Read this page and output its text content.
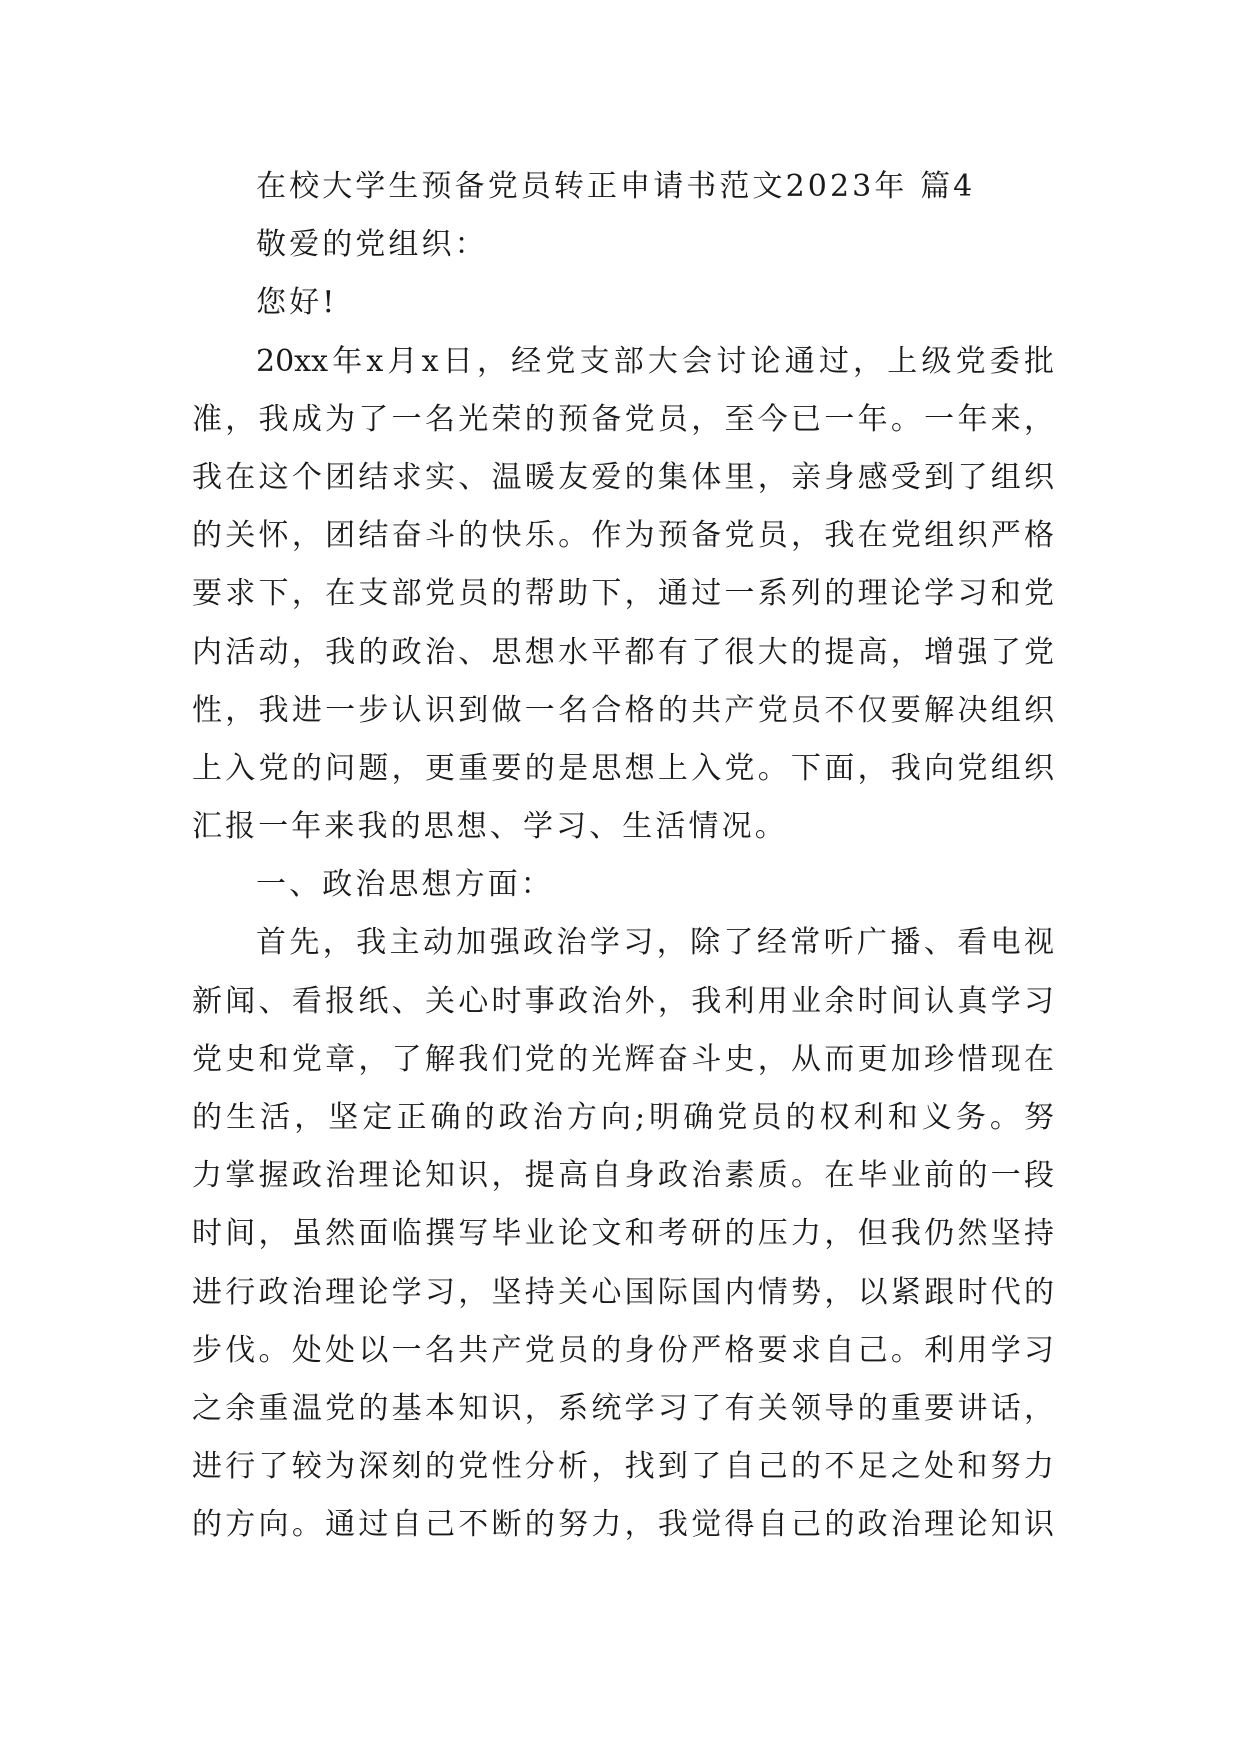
在校大学生预备党员转正申请书范文2023年 篇4
敬爱的党组织：
您好!
20xx年x月x日，经党支部大会讨论通过，上级党委批
准，我成为了一名光荣的预备党员，至今已一年。一年来，
我在这个团结求实、温暖友爱的集体里，亲身感受到了组织
的关怀，团结奋斗的快乐。作为预备党员，我在党组织严格
要求下，在支部党员的帮助下，通过一系列的理论学习和党
内活动，我的政治、思想水平都有了很大的提高，增强了党
性，我进一步认识到做一名合格的共产党员不仅要解决组织
上入党的问题，更重要的是思想上入党。下面，我向党组织
汇报一年来我的思想、学习、生活情况。
一、政治思想方面：
首先，我主动加强政治学习，除了经常听广播、看电视
新闻、看报纸、关心时事政治外，我利用业余时间认真学习
党史和党章，了解我们党的光辉奋斗史，从而更加珍惜现在
的生活，坚定正确的政治方向;明确党员的权利和义务。努
力掌握政治理论知识，提高自身政治素质。在毕业前的一段
时间，虽然面临撰写毕业论文和考研的压力，但我仍然坚持
进行政治理论学习，坚持关心国际国内情势，以紧跟时代的
步伐。处处以一名共产党员的身份严格要求自己。利用学习
之余重温党的基本知识，系统学习了有关领导的重要讲话，
进行了较为深刻的党性分析，找到了自己的不足之处和努力
的方向。通过自己不断的努力，我觉得自己的政治理论知识
